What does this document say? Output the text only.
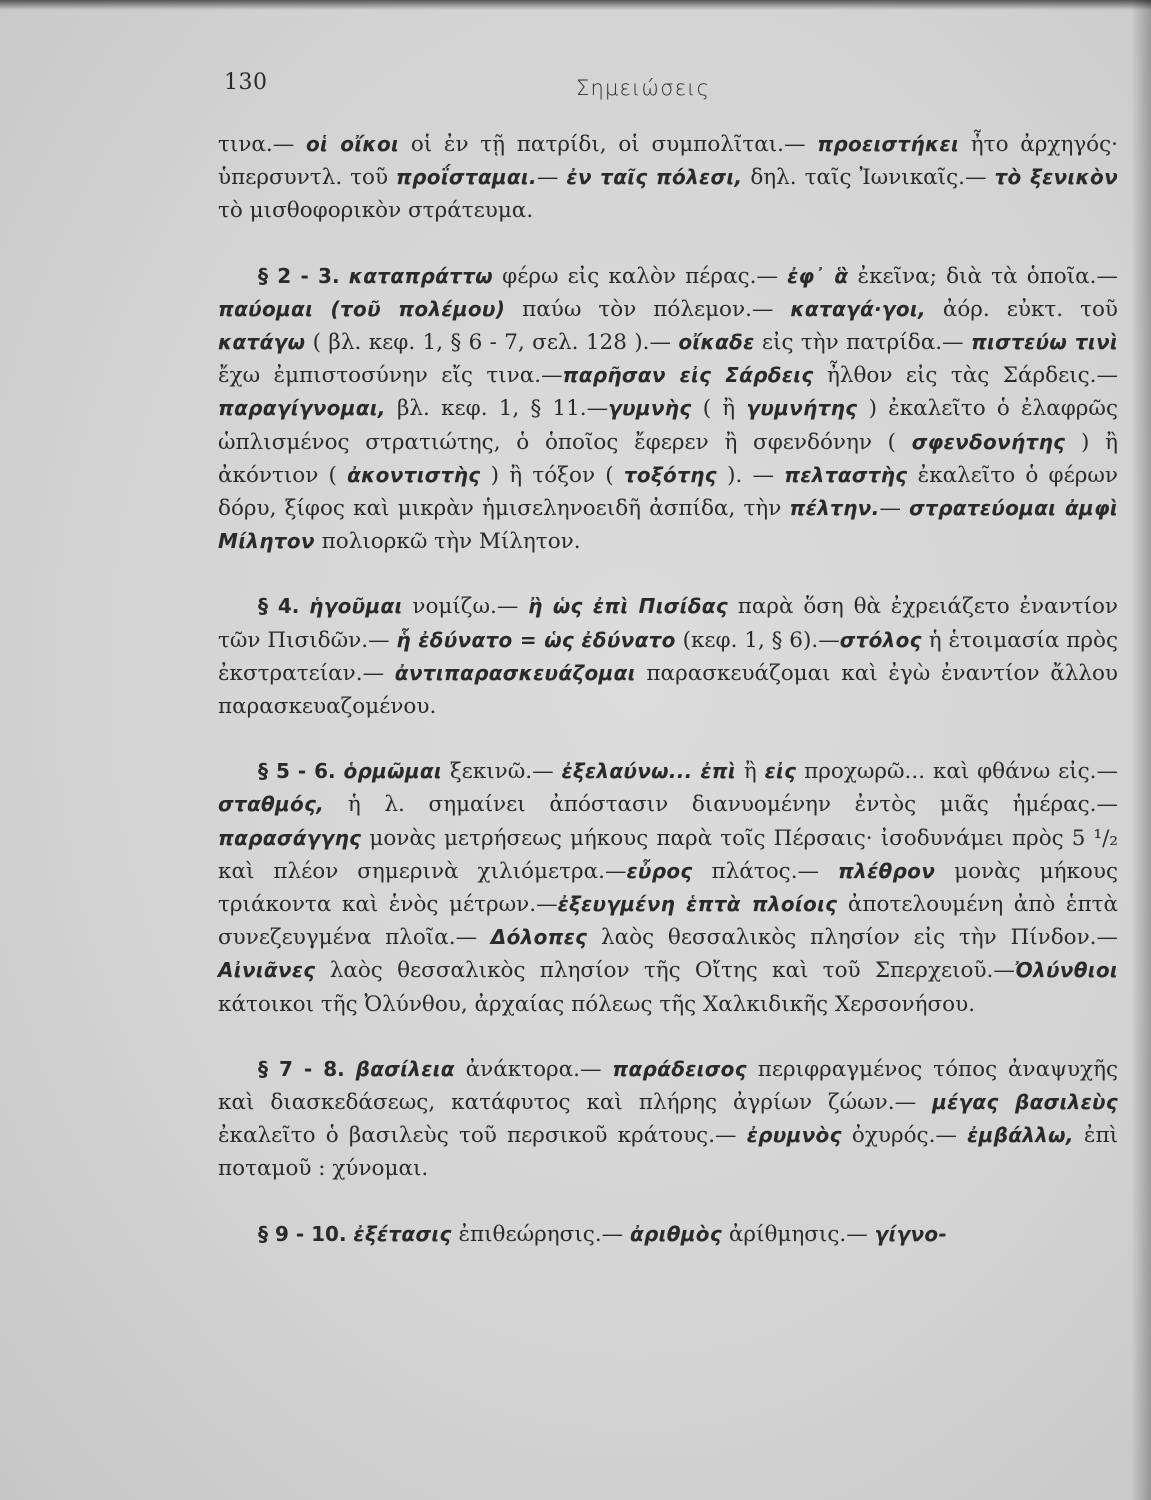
130	Σημειώσεις

τινα.— οἱ οἴκοι οἱ ἐν τῇ πατρίδι, οἱ συμπολῖται.— προειστήκει ἦτο ἀρχηγός· ὑπερσυντλ. τοῦ προΐσταμαι.— ἐν ταῖς πόλεσι, δηλ. ταῖς Ἰωνικαῖς.— τὸ ξενικὸν τὸ μισθοφορικὸν στράτευμα.

§ 2 - 3. καταπράττω φέρω εἰς καλὸν πέρας.— ἐφ᾽ ἃ ἐκεῖνα; διὰ τὰ ὁποῖα.—παύομαι (τοῦ πολέμου) παύω τὸν πόλεμον.— καταγά·γοι, ἀόρ. εὐκτ. τοῦ κατάγω ( βλ. κεφ. 1, § 6 - 7, σελ. 128 ).— οἴκαδε εἰς τὴν πατρίδα.— πιστεύω τινὶ ἔχω ἐμπιστοσύνην εἴς τινα.—παρῆσαν εἰς Σάρδεις ἦλθον εἰς τὰς Σάρδεις.—παραγίγνομαι, βλ. κεφ. 1, § 11.—γυμνὴς ( ἢ γυμνήτης ) ἐκαλεῖτο ὁ ἐλαφρῶς ὡπλισμένος στρατιώτης, ὁ ὁποῖος ἔφερεν ἢ σφενδόνην ( σφενδονήτης ) ἢ ἀκόντιον ( ἀκοντιστὴς ) ἢ τόξον ( τοξότης ). — πελταστὴς ἐκαλεῖτο ὁ φέρων δόρυ, ξίφος καὶ μικρὰν ἡμισεληνοειδῆ ἀσπίδα, τὴν πέλτην.— στρατεύομαι ἀμφὶ Μίλητον πολιορκῶ τὴν Μίλητον.

§ 4. ἡγοῦμαι νομίζω.— ἢ ὡς ἐπὶ Πισίδας παρὰ ὅση θὰ ἐχρειάζετο ἐναντίον τῶν Πισιδῶν.— ἧ ἐδύνατο = ὡς ἐδύνατο (κεφ. 1, § 6).—στόλος ἡ ἑτοιμασία πρὸς ἐκστρατείαν.— ἀντιπαρασκευάζομαι παρασκευάζομαι καὶ ἐγὼ ἐναντίον ἄλλου παρασκευαζομένου.

§ 5 - 6. ὁρμῶμαι ξεκινῶ.— ἐξελαύνω... ἐπὶ ἢ εἰς προχωρῶ... καὶ φθάνω εἰς.— σταθμός, ἡ λ. σημαίνει ἀπόστασιν διανυομένην ἐντὸς μιᾶς ἡμέρας.—παρασάγγης μονὰς μετρήσεως μήκους παρὰ τοῖς Πέρσαις· ἰσοδυνάμει πρὸς 5 ¹/₂ καὶ πλέον σημερινὰ χιλιόμετρα.—εὖρος πλάτος.— πλέθρον μονὰς μήκους τριάκοντα καὶ ἑνὸς μέτρων.—ἐξευγμένη ἑπτὰ πλοίοις ἀποτελουμένη ἀπὸ ἑπτὰ συνεζευγμένα πλοῖα.— Δόλοπες λαὸς θεσσαλικὸς πλησίον εἰς τὴν Πίνδον.— Αἰνιᾶνες λαὸς θεσσαλικὸς πλησίον τῆς Οἴτης καὶ τοῦ Σπερχειοῦ.—Ὀλύνθιοι κάτοικοι τῆς Ὀλύνθου, ἀρχαίας πόλεως τῆς Χαλκιδικῆς Χερσονήσου.

§ 7 - 8. βασίλεια ἀνάκτορα.— παράδεισος περιφραγμένος τόπος ἀναψυχῆς καὶ διασκεδάσεως, κατάφυτος καὶ πλήρης ἀγρίων ζώων.— μέγας βασιλεὺς ἐκαλεῖτο ὁ βασιλεὺς τοῦ περσικοῦ κράτους.— ἐρυμνὸς ὀχυρός.— ἐμβάλλω, ἐπὶ ποταμοῦ : χύνομαι.

§ 9 - 10. ἐξέτασις ἐπιθεώρησις.— ἀριθμὸς ἀρίθμησις.— γίγνο-
